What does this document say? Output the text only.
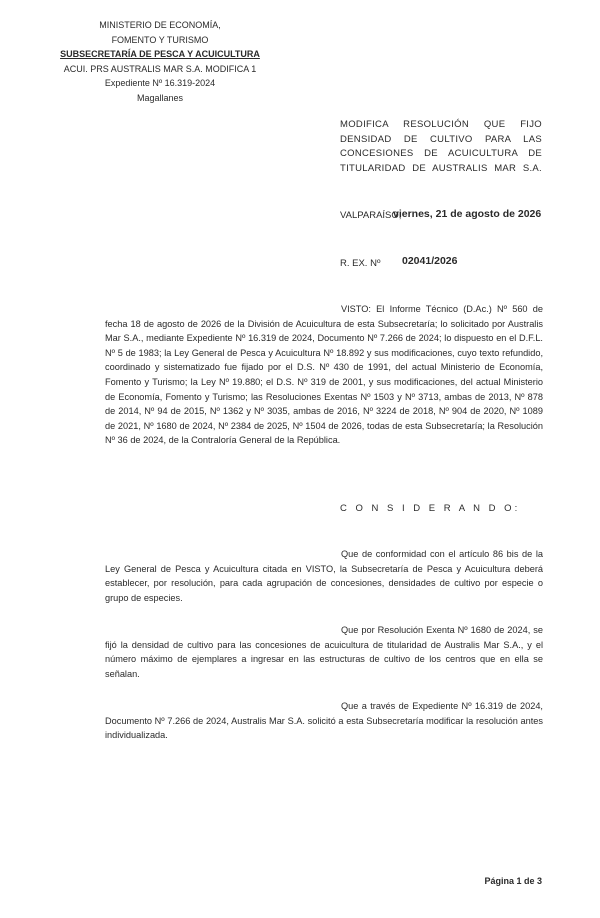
MINISTERIO DE ECONOMÍA,
FOMENTO Y TURISMO
SUBSECRETARÍA DE PESCA Y ACUICULTURA
ACUI. PRS AUSTRALIS MAR S.A. MODIFICA 1
Expediente Nº 16.319-2024
Magallanes
MODIFICA RESOLUCIÓN QUE FIJO DENSIDAD DE CULTIVO PARA LAS CONCESIONES DE ACUICULTURA DE TITULARIDAD DE AUSTRALIS MAR S.A.
VALPARAÍSO,
viernes, 21 de agosto de 2026
R. EX. Nº 02041/2026
VISTO: El Informe Técnico (D.Ac.) Nº 560 de fecha 18 de agosto de 2026 de la División de Acuicultura de esta Subsecretaría; lo solicitado por Australis Mar S.A., mediante Expediente Nº 16.319 de 2024, Documento Nº 7.266 de 2024; lo dispuesto en el D.F.L. Nº 5 de 1983; la Ley General de Pesca y Acuicultura Nº 18.892 y sus modificaciones, cuyo texto refundido, coordinado y sistematizado fue fijado por el D.S. Nº 430 de 1991, del actual Ministerio de Economía, Fomento y Turismo; la Ley Nº 19.880; el D.S. Nº 319 de 2001, y sus modificaciones, del actual Ministerio de Economía, Fomento y Turismo; las Resoluciones Exentas Nº 1503 y Nº 3713, ambas de 2013, Nº 878 de 2014, Nº 94 de 2015, Nº 1362 y Nº 3035, ambas de 2016, Nº 3224 de 2018, Nº 904 de 2020, Nº 1089 de 2021, Nº 1680 de 2024, Nº 2384 de 2025, Nº 1504 de 2026, todas de esta Subsecretaría; la Resolución Nº 36 de 2024, de la Contraloría General de la República.
C O N S I D E R A N D O:
Que de conformidad con el artículo 86 bis de la Ley General de Pesca y Acuicultura citada en VISTO, la Subsecretaría de Pesca y Acuicultura deberá establecer, por resolución, para cada agrupación de concesiones, densidades de cultivo por especie o grupo de especies.
Que por Resolución Exenta Nº 1680 de 2024, se fijó la densidad de cultivo para las concesiones de acuicultura de titularidad de Australis Mar S.A., y el número máximo de ejemplares a ingresar en las estructuras de cultivo de los centros que en ella se señalan.
Que a través de Expediente Nº 16.319 de 2024, Documento Nº 7.266 de 2024, Australis Mar S.A. solicitó a esta Subsecretaría modificar la resolución antes individualizada.
Página 1 de 3
